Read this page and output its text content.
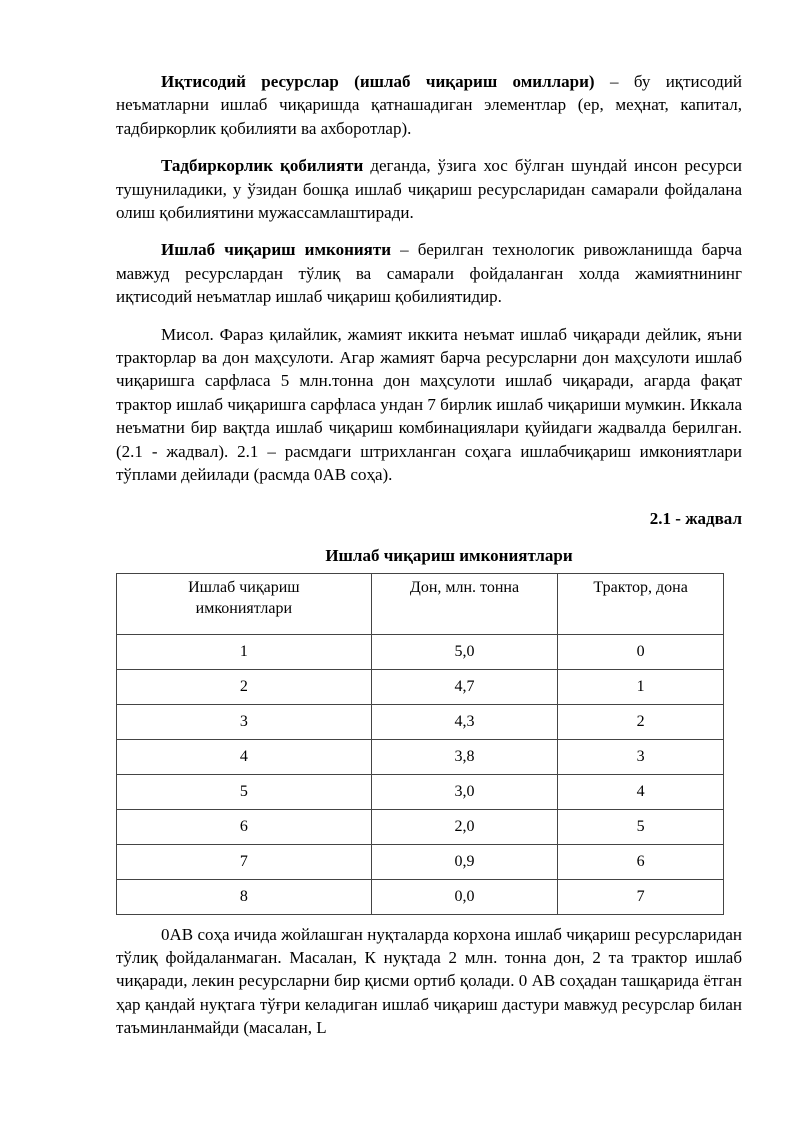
Иқтисодий ресурслар (ишлаб чиқариш омиллари) – бу иқтисодий неъматларни ишлаб чиқаришда қатнашадиган элементлар (ер, меҳнат, капитал, тадбиркорлик қобилияти ва ахборотлар).

Тадбиркорлик қобилияти деганда, ўзига хос бўлган шундай инсон ресурси тушуниладики, у ўзидан бошқа ишлаб чиқариш ресурсларидан самарали фойдалана олиш қобилиятини мужассамлаштиради.

Ишлаб чиқариш имконияти – берилган технологик ривожланишда барча мавжуд ресурслардан тўлиқ ва самарали фойдаланган холда жамиятнининг иқтисодий неъматлар ишлаб чиқариш қобилиятидир.

Мисол. Фараз қилайлик, жамият иккита неъмат ишлаб чиқаради дейлик, яъни тракторлар ва дон маҳсулоти. Агар жамият барча ресурсларни дон маҳсулоти ишлаб чиқаришга сарфласа 5 млн.тонна дон маҳсулоти ишлаб чиқаради, агарда фақат трактор ишлаб чиқаришга сарфласа ундан 7 бирлик ишлаб чиқариши мумкин. Иккала неъматни бир вақтда ишлаб чиқариш комбинациялари қуйидаги жадвалда берилган.(2.1 - жадвал). 2.1 – расмдаги штрихланган соҳага ишлабчиқариш имкониятлари тўплами дейилади (расмда 0АВ соҳа).

2.1 - жадвал
Ишлаб чиқариш имкониятлари
Ишлаб чиқариш имкониятлари	Дон, млн. тонна	Трактор, дона
1	5,0	0
2	4,7	1
3	4,3	2
4	3,8	3
5	3,0	4
6	2,0	5
7	0,9	6
8	0,0	7

0АВ соҳа ичида жойлашган нуқталарда корхона ишлаб чиқариш ресурсларидан тўлиқ фойдаланмаган. Масалан, К нуқтада 2 млн. тонна дон, 2 та трактор ишлаб чиқаради, лекин ресурсларни бир қисми ортиб қолади. 0 АВ соҳадан ташқарида ётган ҳар қандай нуқтага тўғри келадиган ишлаб чиқариш дастури мавжуд ресурслар билан таъминланмайди (масалан, L
